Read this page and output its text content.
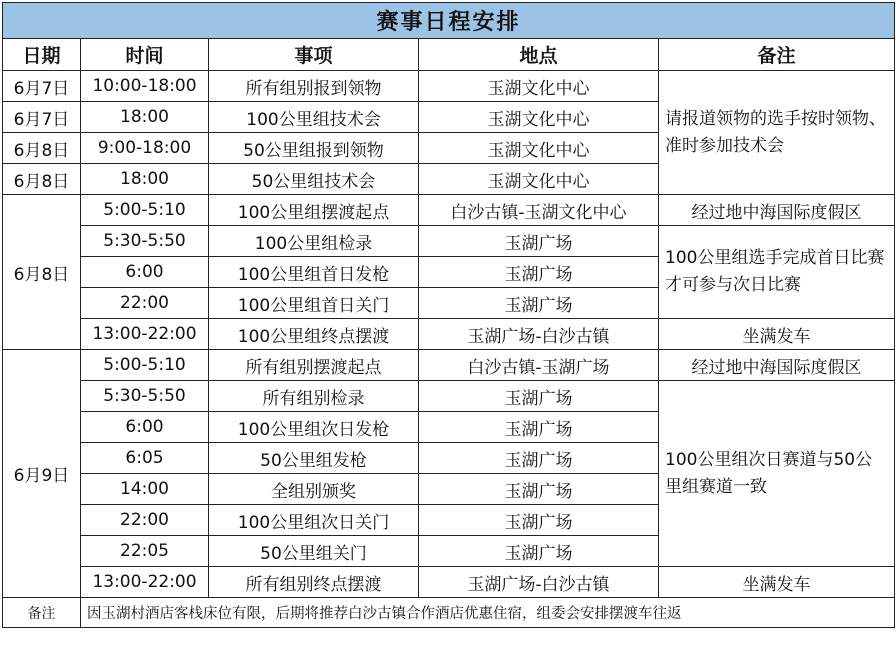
赛事日程安排				
日期	时间	事项	地点	备注
6月7日	10:00-18:00	所有组别报到领物	玉湖文化中心	请报道领物的选手按时领物、准时参加技术会
6月7日	18:00	100公里组技术会	玉湖文化中心	
6月8日	9:00-18:00	50公里组报到领物	玉湖文化中心	
6月8日	18:00	50公里组技术会	玉湖文化中心	
6月8日	5:00-5:10	100公里组摆渡起点	白沙古镇-玉湖文化中心	经过地中海国际度假区
	5:30-5:50	100公里组检录	玉湖广场	100公里组选手完成首日比赛才可参与次日比赛
	6:00	100公里组首日发枪	玉湖广场	
	22:00	100公里组首日关门	玉湖广场	
	13:00-22:00	100公里组终点摆渡	玉湖广场-白沙古镇	坐满发车
6月9日	5:00-5:10	所有组别摆渡起点	白沙古镇-玉湖广场	经过地中海国际度假区
	5:30-5:50	所有组别检录	玉湖广场	100公里组次日赛道与50公里组赛道一致
	6:00	100公里组次日发枪	玉湖广场	
	6:05	50公里组发枪	玉湖广场	
	14:00	全组别颁奖	玉湖广场	
	22:00	100公里组次日关门	玉湖广场	
	22:05	50公里组关门	玉湖广场	
	13:00-22:00	所有组别终点摆渡	玉湖广场-白沙古镇	坐满发车
备注	因玉湖村酒店客栈床位有限，后期将推荐白沙古镇合作酒店优惠住宿，组委会安排摆渡车往返			
